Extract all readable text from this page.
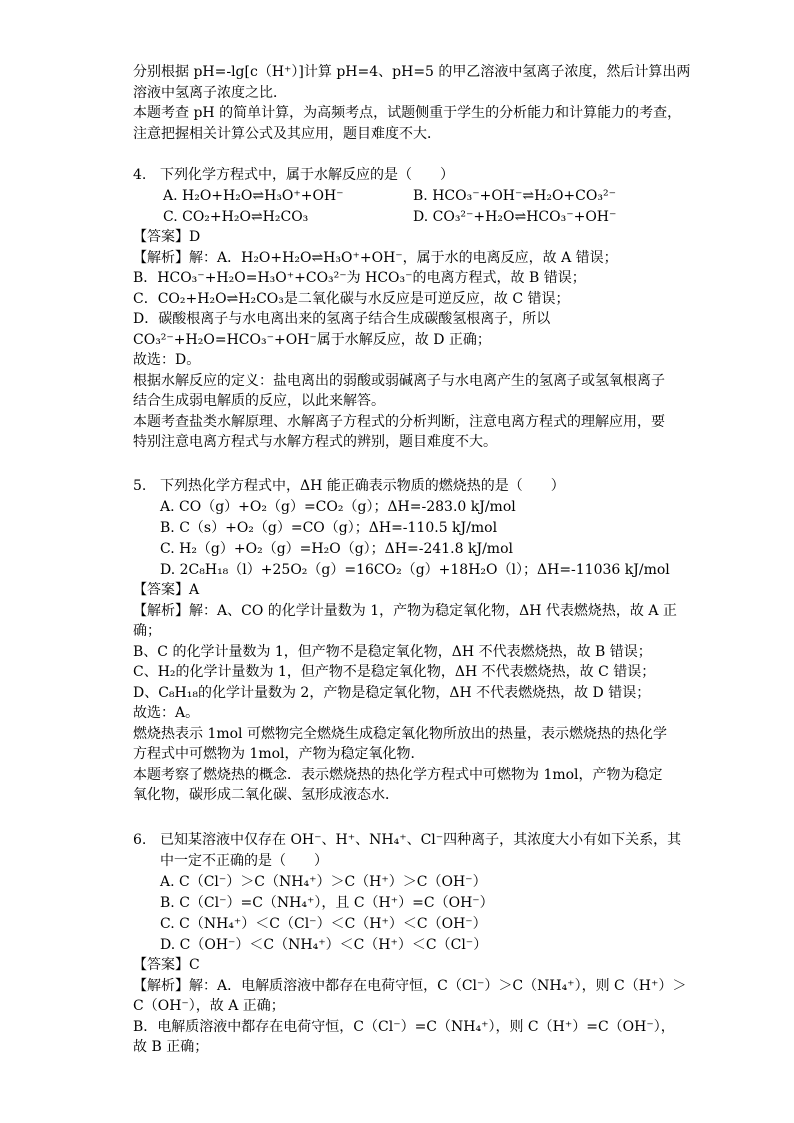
分别根据 pH=-lg[c（H⁺）]计算 pH=4、pH=5 的甲乙溶液中氢离子浓度，然后计算出两
溶液中氢离子浓度之比．
本题考查 pH 的简单计算，为高频考点，试题侧重于学生的分析能力和计算能力的考查，
注意把握相关计算公式及其应用，题目难度不大．
4. 下列化学方程式中，属于水解反应的是（　　）
A. H₂O+H₂O⇌H₃O⁺+OH⁻	B. HCO₃⁻+OH⁻⇌H₂O+CO₃²⁻
C. CO₂+H₂O⇌H₂CO₃	D. CO₃²⁻+H₂O⇌HCO₃⁻+OH⁻
【答案】D
【解析】解：A．H₂O+H₂O⇌H₃O⁺+OH⁻，属于水的电离反应，故 A 错误；
B．HCO₃⁻+H₂O=H₃O⁺+CO₃²⁻为 HCO₃⁻的电离方程式，故 B 错误；
C．CO₂+H₂O⇌H₂CO₃是二氧化碳与水反应是可逆反应，故 C 错误；
D．碳酸根离子与水电离出来的氢离子结合生成碳酸氢根离子，所以
CO₃²⁻+H₂O=HCO₃⁻+OH⁻属于水解反应，故 D 正确；
故选：D。
根据水解反应的定义：盐电离出的弱酸或弱碱离子与水电离产生的氢离子或氢氧根离子
结合生成弱电解质的反应，以此来解答。
本题考查盐类水解原理、水解离子方程式的分析判断，注意电离方程式的理解应用，要
特别注意电离方程式与水解方程式的辨别，题目难度不大。
5. 下列热化学方程式中，ΔH 能正确表示物质的燃烧热的是（　　）
A. CO（g）+O₂（g）=CO₂（g）；ΔH=-283.0 kJ/mol
B. C（s）+O₂（g）=CO（g）；ΔH=-110.5 kJ/mol
C. H₂（g）+O₂（g）=H₂O（g）；ΔH=-241.8 kJ/mol
D. 2C₈H₁₈（l）+25O₂（g）=16CO₂（g）+18H₂O（l）；ΔH=-11036 kJ/mol
【答案】A
【解析】解：A、CO 的化学计量数为 1，产物为稳定氧化物，ΔH 代表燃烧热，故 A 正
确；
B、C 的化学计量数为 1，但产物不是稳定氧化物，ΔH 不代表燃烧热，故 B 错误；
C、H₂的化学计量数为 1，但产物不是稳定氧化物，ΔH 不代表燃烧热，故 C 错误；
D、C₈H₁₈的化学计量数为 2，产物是稳定氧化物，ΔH 不代表燃烧热，故 D 错误；
故选：A。
燃烧热表示 1mol 可燃物完全燃烧生成稳定氧化物所放出的热量，表示燃烧热的热化学
方程式中可燃物为 1mol，产物为稳定氧化物．
本题考察了燃烧热的概念．表示燃烧热的热化学方程式中可燃物为 1mol，产物为稳定
氧化物，碳形成二氧化碳、氢形成液态水．
6. 已知某溶液中仅存在 OH⁻、H⁺、NH₄⁺、Cl⁻四种离子，其浓度大小有如下关系，其
中一定不正确的是（　　）
A. C（Cl⁻）＞C（NH₄⁺）＞C（H⁺）＞C（OH⁻）
B. C（Cl⁻）=C（NH₄⁺），且 C（H⁺）=C（OH⁻）
C. C（NH₄⁺）＜C（Cl⁻）＜C（H⁺）＜C（OH⁻）
D. C（OH⁻）＜C（NH₄⁺）＜C（H⁺）＜C（Cl⁻）
【答案】C
【解析】解：A．电解质溶液中都存在电荷守恒，C（Cl⁻）＞C（NH₄⁺），则 C（H⁺）＞
C（OH⁻），故 A 正确；
B．电解质溶液中都存在电荷守恒，C（Cl⁻）=C（NH₄⁺），则 C（H⁺）=C（OH⁻），
故 B 正确；
